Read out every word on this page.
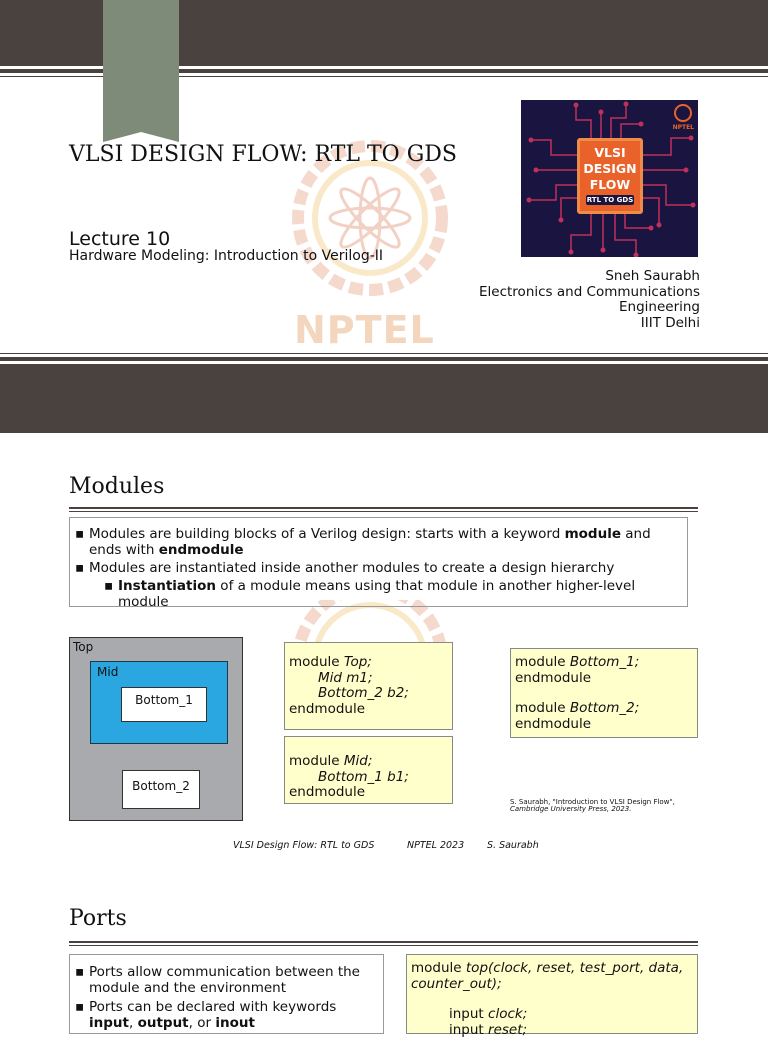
NPTEL
VLSI DESIGN FLOW: RTL TO GDS
Lecture 10
Hardware Modeling: Introduction to Verilog-II
VLSI
DESIGN
FLOW
RTL TO GDS
NPTEL
Sneh Saurabh
Electronics and Communications
Engineering
IIIT Delhi
Modules
▪ Modules are building blocks of a Verilog design: starts with a keyword module and ends with endmodule
▪ Modules are instantiated inside another modules to create a design hierarchy
▪ Instantiation of a module means using that module in another higher-level module
Top
Mid
Bottom_1
Bottom_2
module Top;
Mid m1;
Bottom_2 b2;
endmodule
module Mid;
Bottom_1 b1;
endmodule
module Bottom_1;
endmodule
module Bottom_2;
endmodule
S. Saurabh, "Introduction to VLSI Design Flow",
Cambridge University Press, 2023.
VLSI Design Flow: RTL to GDS	NPTEL 2023 S. Saurabh
Ports
▪ Ports allow communication between the module and the environment
▪ Ports can be declared with keywords input, output, or inout
module top(clock, reset, test_port, data,
counter_out);
input clock;
input reset;
